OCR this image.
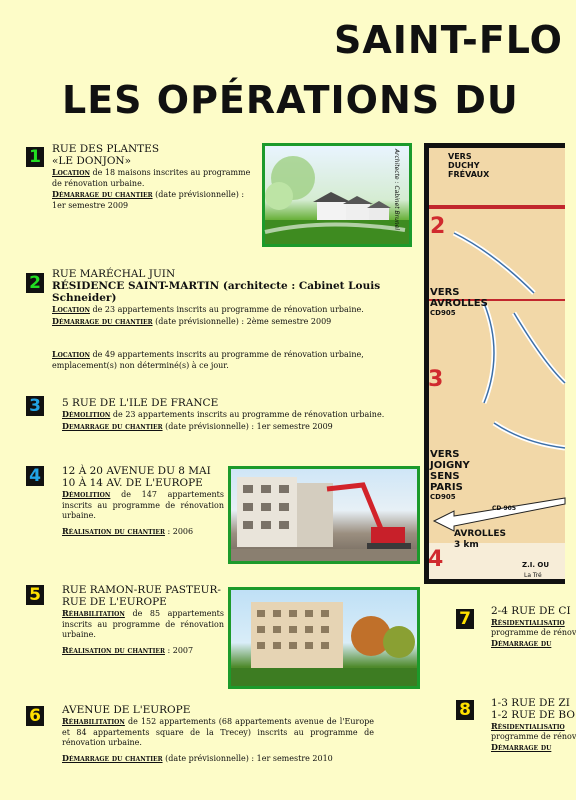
SAINT-FLO
LES OPÉRATIONS DU
1 RUE DES PLANTES
«LE DONJON»

Location de 18 maisons inscrites au programme de rénovation urbaine.

Démarrage du chantier (date prévisionnelle) : 1er semestre 2009	Architecte : Cabinet Brunel
2 RUE MARÉCHAL JUIN
RÉSIDENCE SAINT-MARTIN (architecte : Cabinet Louis Schneider)

Location de 23 appartements inscrits au programme de rénovation urbaine.

Démarrage du chantier (date prévisionnelle) : 2ème semestre 2009

Location de 49 appartements inscrits au programme de rénovation urbaine, emplacement(s) non déterminé(s) à ce jour.

3 5 RUE DE L'ILE DE FRANCE

Démolition de 23 appartements inscrits au programme de rénovation urbaine.

Demarrage du chantier (date prévisionnelle) : 1er semestre 2009

4 12 À 20 AVENUE DU 8 MAI
10 À 14 AV. DE L'EUROPE

Démolition de 147 appartements inscrits au programme de rénovation urbaine.

Réalisation du chantier : 2006

5 RUE RAMON-RUE PASTEUR-
RUE DE L'EUROPE

Réhabilitation de 85 appartements inscrits au programme de rénovation urbaine.

Réalisation du chantier : 2007

6 AVENUE DE L'EUROPE

Réhabilitation de 152 appartements (68 appartements avenue de l'Europe et 84 appartements square de la Trecey) inscrits au programme de rénovation urbaine.

Démarrage du chantier (date prévisionnelle) : 1er semestre 2010

VERS
DUCHY
FRÉVAUX
2
VERS
AVROLLES
CD905
3
VERS
JOIGNY
SENS
PARIS
CD905
CD 905
AVROLLES
3 km
4	Z.I. OU
La Tré
7 2-4 RUE DE CI
Résidentialisatio
programme de rénov
Démarrage du
8 1-3 RUE DE ZI
1-2 RUE DE BO
Résidentialisatio
programme de rénov
Démarrage du
